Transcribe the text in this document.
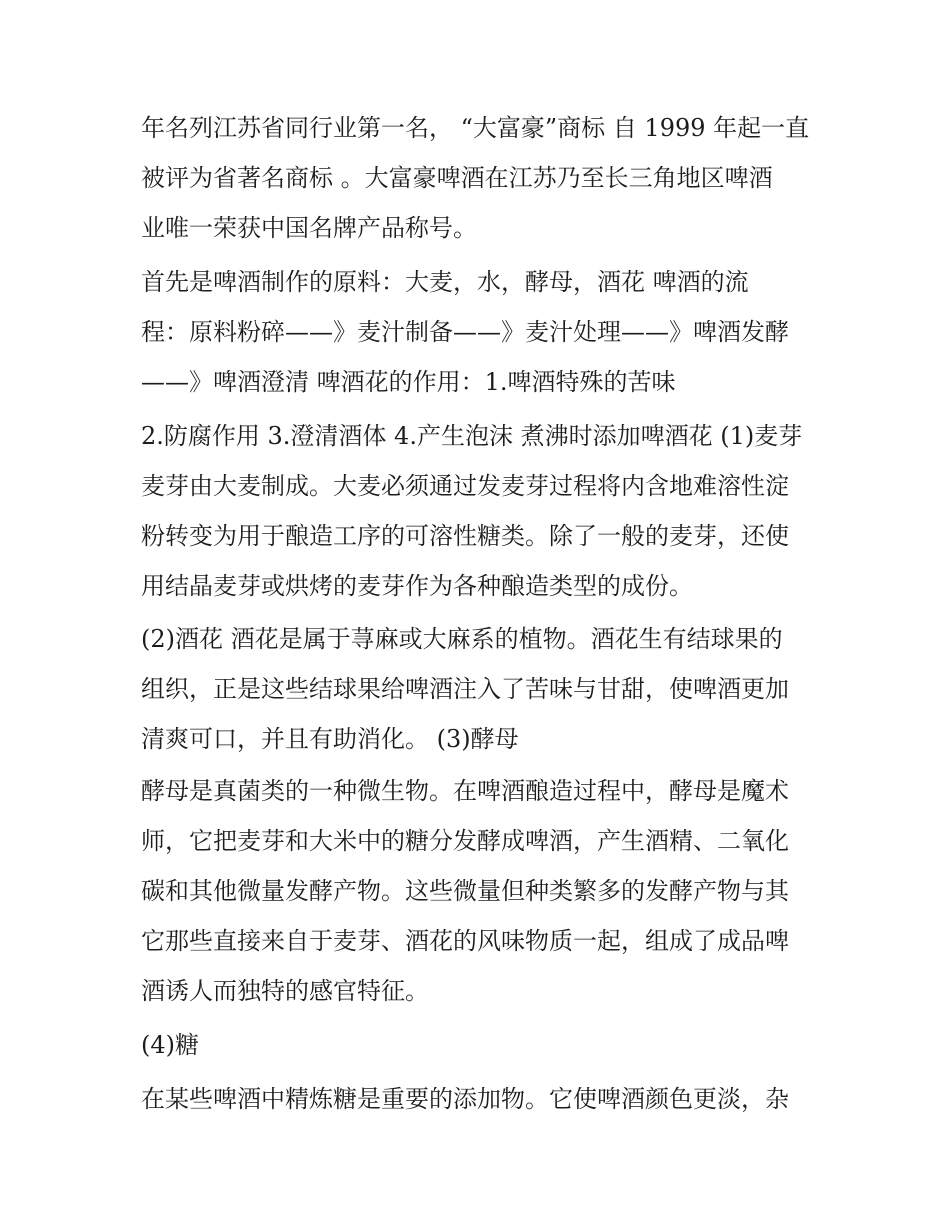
年名列江苏省同行业第一名， “大富豪”商标 自 1999 年起一直
被评为省著名商标 。大富豪啤酒在江苏乃至长三角地区啤酒
业唯一荣获中国名牌产品称号。
首先是啤酒制作的原料：大麦，水，酵母，酒花 啤酒的流
程：原料粉碎——》麦汁制备——》麦汁处理——》啤酒发酵
——》啤酒澄清 啤酒花的作用：1.啤酒特殊的苦味
2.防腐作用 3.澄清酒体 4.产生泡沫 煮沸时添加啤酒花 (1)麦芽
麦芽由大麦制成。大麦必须通过发麦芽过程将内含地难溶性淀
粉转变为用于酿造工序的可溶性糖类。除了一般的麦芽，还使
用结晶麦芽或烘烤的麦芽作为各种酿造类型的成份。
(2)酒花 酒花是属于荨麻或大麻系的植物。酒花生有结球果的
组织，正是这些结球果给啤酒注入了苦味与甘甜，使啤酒更加
清爽可口，并且有助消化。 (3)酵母
酵母是真菌类的一种微生物。在啤酒酿造过程中，酵母是魔术
师，它把麦芽和大米中的糖分发酵成啤酒，产生酒精、二氧化
碳和其他微量发酵产物。这些微量但种类繁多的发酵产物与其
它那些直接来自于麦芽、酒花的风味物质一起，组成了成品啤
酒诱人而独特的感官特征。
(4)糖
在某些啤酒中精炼糖是重要的添加物。它使啤酒颜色更淡，杂
